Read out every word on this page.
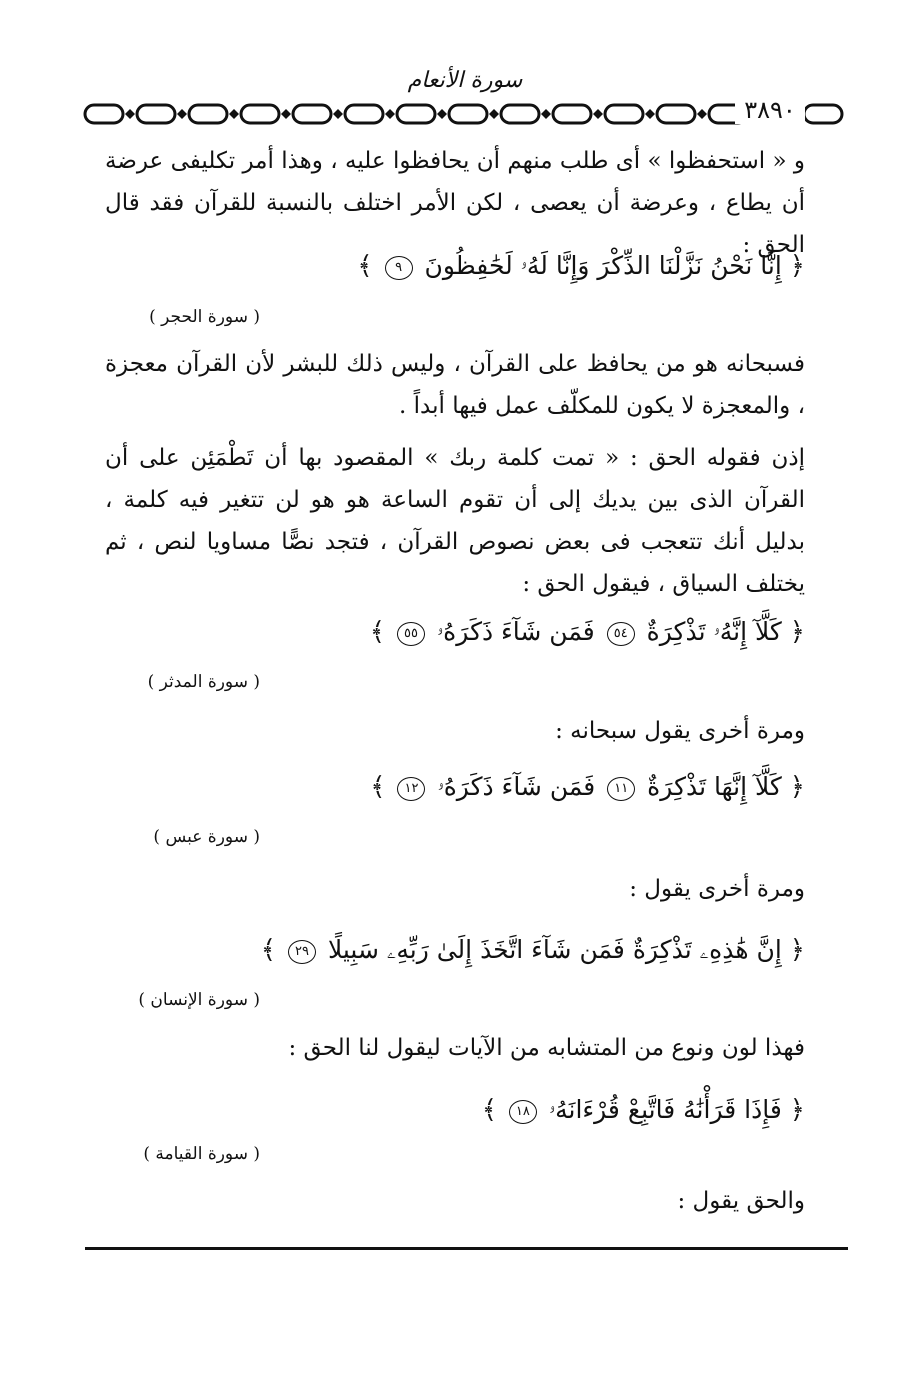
سورة الأنعام
٣٨٩٠

و « استحفظوا » أى طلب منهم أن يحافظوا عليه ، وهذا أمر تكليفى عرضة أن يطاع ، وعرضة أن يعصى ، لكن الأمر اختلف بالنسبة للقرآن فقد قال الحق :

﴿ إِنَّا نَحْنُ نَزَّلْنَا الذِّكْرَ وَإِنَّا لَهُۥ لَحَٰفِظُونَ ٩ ﴾
( سورة الحجر )

فسبحانه هو من يحافظ على القرآن ، وليس ذلك للبشر لأن القرآن معجزة ، والمعجزة لا يكون للمكلّف عمل فيها أبداً .

إذن فقوله الحق : « تمت كلمة ربك » المقصود بها أن تَطْمَئِن على أن القرآن الذى بين يديك إلى أن تقوم الساعة هو هو لن تتغير فيه كلمة ، بدليل أنك تتعجب فى بعض نصوص القرآن ، فتجد نصًّا مساويا لنص ، ثم يختلف السياق ، فيقول الحق :

﴿ كَلَّآ إِنَّهُۥ تَذْكِرَةٌ ٥٤ فَمَن شَآءَ ذَكَرَهُۥ ٥٥ ﴾
( سورة المدثر )

ومرة أخرى يقول سبحانه :

﴿ كَلَّآ إِنَّهَا تَذْكِرَةٌ ١١ فَمَن شَآءَ ذَكَرَهُۥ ١٢ ﴾
( سورة عبس )

ومرة أخرى يقول :

﴿ إِنَّ هَٰذِهِۦ تَذْكِرَةٌ فَمَن شَآءَ اتَّخَذَ إِلَىٰ رَبِّهِۦ سَبِيلًا ٢٩ ﴾
( سورة الإنسان )

فهذا لون ونوع من المتشابه من الآيات ليقول لنا الحق :

﴿ فَإِذَا قَرَأْنَٰهُ فَاتَّبِعْ قُرْءَانَهُۥ ١٨ ﴾
( سورة القيامة )

والحق يقول :
